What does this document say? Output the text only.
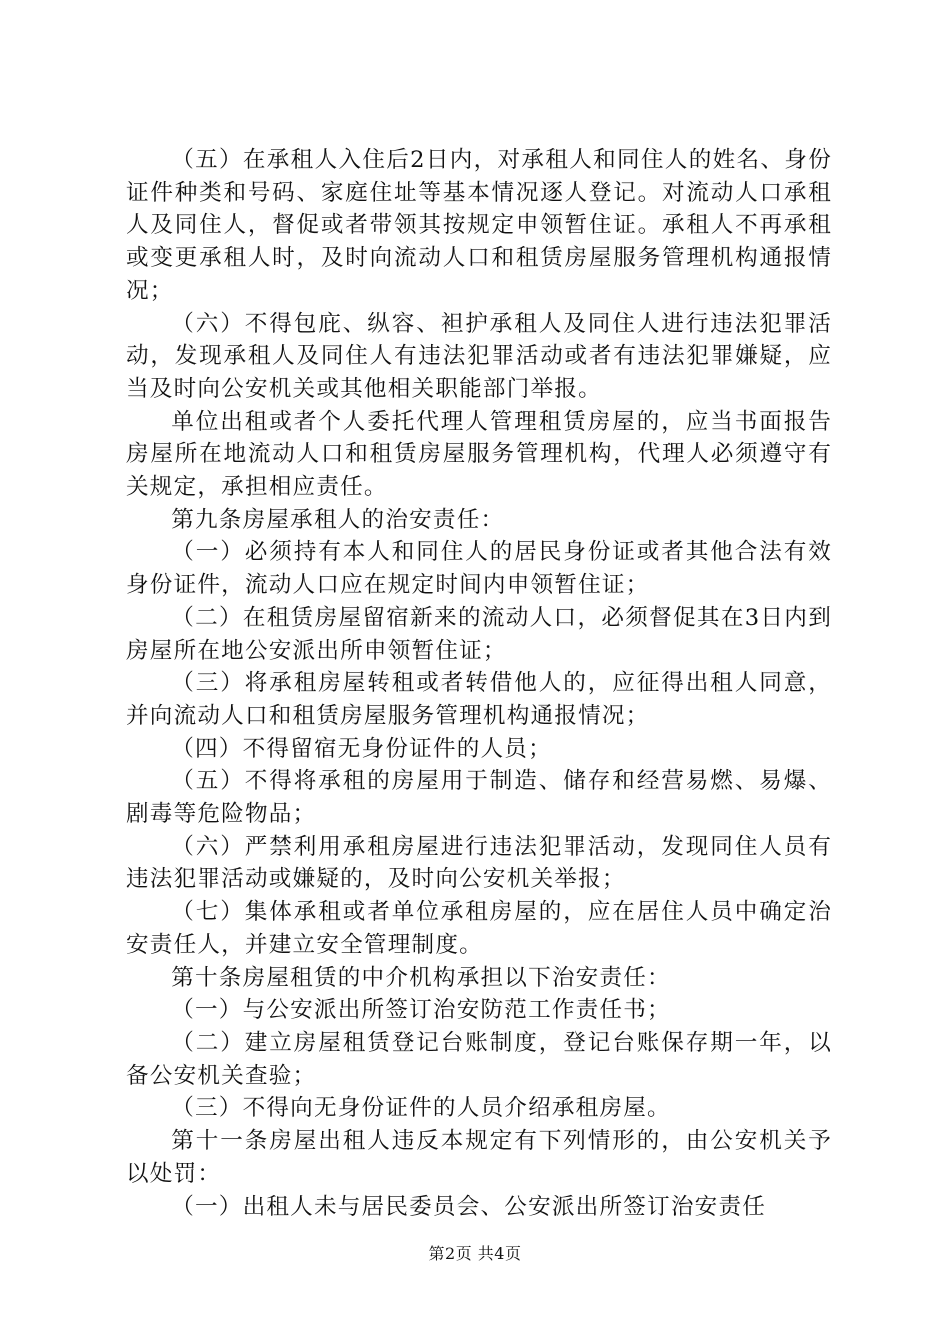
（五）在承租人入住后2日内，对承租人和同住人的姓名、身份证件种类和号码、家庭住址等基本情况逐人登记。对流动人口承租人及同住人，督促或者带领其按规定申领暂住证。承租人不再承租或变更承租人时，及时向流动人口和租赁房屋服务管理机构通报情况；

（六）不得包庇、纵容、袒护承租人及同住人进行违法犯罪活动，发现承租人及同住人有违法犯罪活动或者有违法犯罪嫌疑，应当及时向公安机关或其他相关职能部门举报。

单位出租或者个人委托代理人管理租赁房屋的，应当书面报告房屋所在地流动人口和租赁房屋服务管理机构，代理人必须遵守有关规定，承担相应责任。

第九条房屋承租人的治安责任：

（一）必须持有本人和同住人的居民身份证或者其他合法有效身份证件，流动人口应在规定时间内申领暂住证；

（二）在租赁房屋留宿新来的流动人口，必须督促其在3日内到房屋所在地公安派出所申领暂住证；

（三）将承租房屋转租或者转借他人的，应征得出租人同意，并向流动人口和租赁房屋服务管理机构通报情况；

（四）不得留宿无身份证件的人员；

（五）不得将承租的房屋用于制造、储存和经营易燃、易爆、剧毒等危险物品；

（六）严禁利用承租房屋进行违法犯罪活动，发现同住人员有违法犯罪活动或嫌疑的，及时向公安机关举报；

（七）集体承租或者单位承租房屋的，应在居住人员中确定治安责任人，并建立安全管理制度。

第十条房屋租赁的中介机构承担以下治安责任：

（一）与公安派出所签订治安防范工作责任书；

（二）建立房屋租赁登记台账制度，登记台账保存期一年，以备公安机关查验；

（三）不得向无身份证件的人员介绍承租房屋。

第十一条房屋出租人违反本规定有下列情形的，由公安机关予以处罚：

（一）出租人未与居民委员会、公安派出所签订治安责任

第2页 共4页
